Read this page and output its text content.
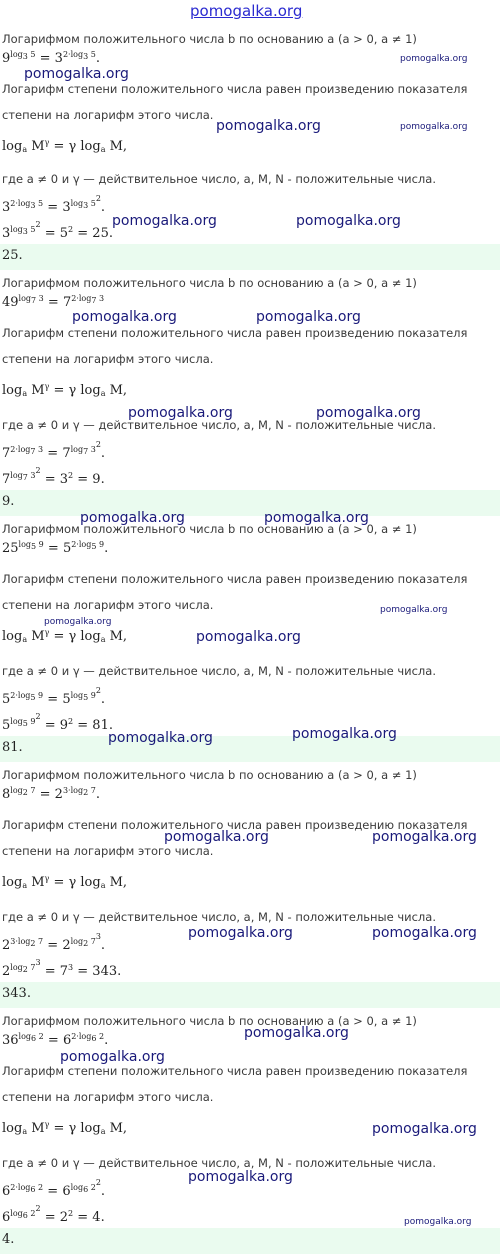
pomogalka.org
Логарифмом положительного числа b по основанию a (a > 0, a ≠ 1)
$9^{log_3 5} = 3^{2\cdot log_3 5}$.
Логарифм степени положительного числа равен произведению показателя
степени на логарифм этого числа.
$\log_a M^\gamma = \gamma$ $\log_a M$,
где a ≠ 0 и γ — действительное число, a, M, N - положительные числа.
$3^{2\cdot log_3 5} = 3^{log_3 5^2}$.
$3^{log_3 5^2} = 5^2 = 25$.
25.
Логарифмом положительного числа b по основанию a (a > 0, a ≠ 1)
$49^{log_7 3} = 7^{2\cdot log_7 3}$
Логарифм степени положительного числа равен произведению показателя
степени на логарифм этого числа.
$\log_a M^\gamma = \gamma$ $\log_a M$,
где a ≠ 0 и γ — действительное число, a, M, N - положительные числа.
$7^{2\cdot log_7 3} = 7^{log_7 3^2}$.
$7^{log_7 3^2} = 3^2 = 9$.
9.
Логарифмом положительного числа b по основанию a (a > 0, a ≠ 1)
$25^{log_5 9} = 5^{2\cdot log_5 9}$.
Логарифм степени положительного числа равен произведению показателя
степени на логарифм этого числа.
$\log_a M^\gamma = \gamma$ $\log_a M$,
где a ≠ 0 и γ — действительное число, a, M, N - положительные числа.
$5^{2\cdot log_5 9} = 5^{log_5 9^2}$.
$5^{log_5 9^2} = 9^2 = 81$.
81.
Логарифмом положительного числа b по основанию a (a > 0, a ≠ 1)
$8^{log_2 7} = 2^{3\cdot log_2 7}$.
Логарифм степени положительного числа равен произведению показателя
степени на логарифм этого числа.
$\log_a M^\gamma = \gamma$ $\log_a M$,
где a ≠ 0 и γ — действительное число, a, M, N - положительные числа.
$2^{3\cdot log_2 7} = 2^{log_2 7^3}$.
$2^{log_2 7^3} = 7^3 = 343$.
343.
Логарифмом положительного числа b по основанию a (a > 0, a ≠ 1)
$36^{log_6 2} = 6^{2\cdot log_6 2}$.
Логарифм степени положительного числа равен произведению показателя
степени на логарифм этого числа.
$\log_a M^\gamma = \gamma$ $\log_a M$,
где a ≠ 0 и γ — действительное число, a, M, N - положительные числа.
$6^{2\cdot log_6 2} = 6^{log_6 2^2}$.
$6^{log_6 2^2} = 2^2 = 4$.
4.
pomogalka.org
pomogalka.org
pomogalka.org	pomogalka.org
pomogalka.org	pomogalka.org
pomogalka.org	pomogalka.org
pomogalka.org	pomogalka.org
pomogalka.org	pomogalka.org
pomogalka.org
pomogalka.org
pomogalka.org
pomogalka.org	pomogalka.org
pomogalka.org	pomogalka.org
pomogalka.org	pomogalka.org
pomogalka.org
pomogalka.org
pomogalka.org
pomogalka.org
pomogalka.org
